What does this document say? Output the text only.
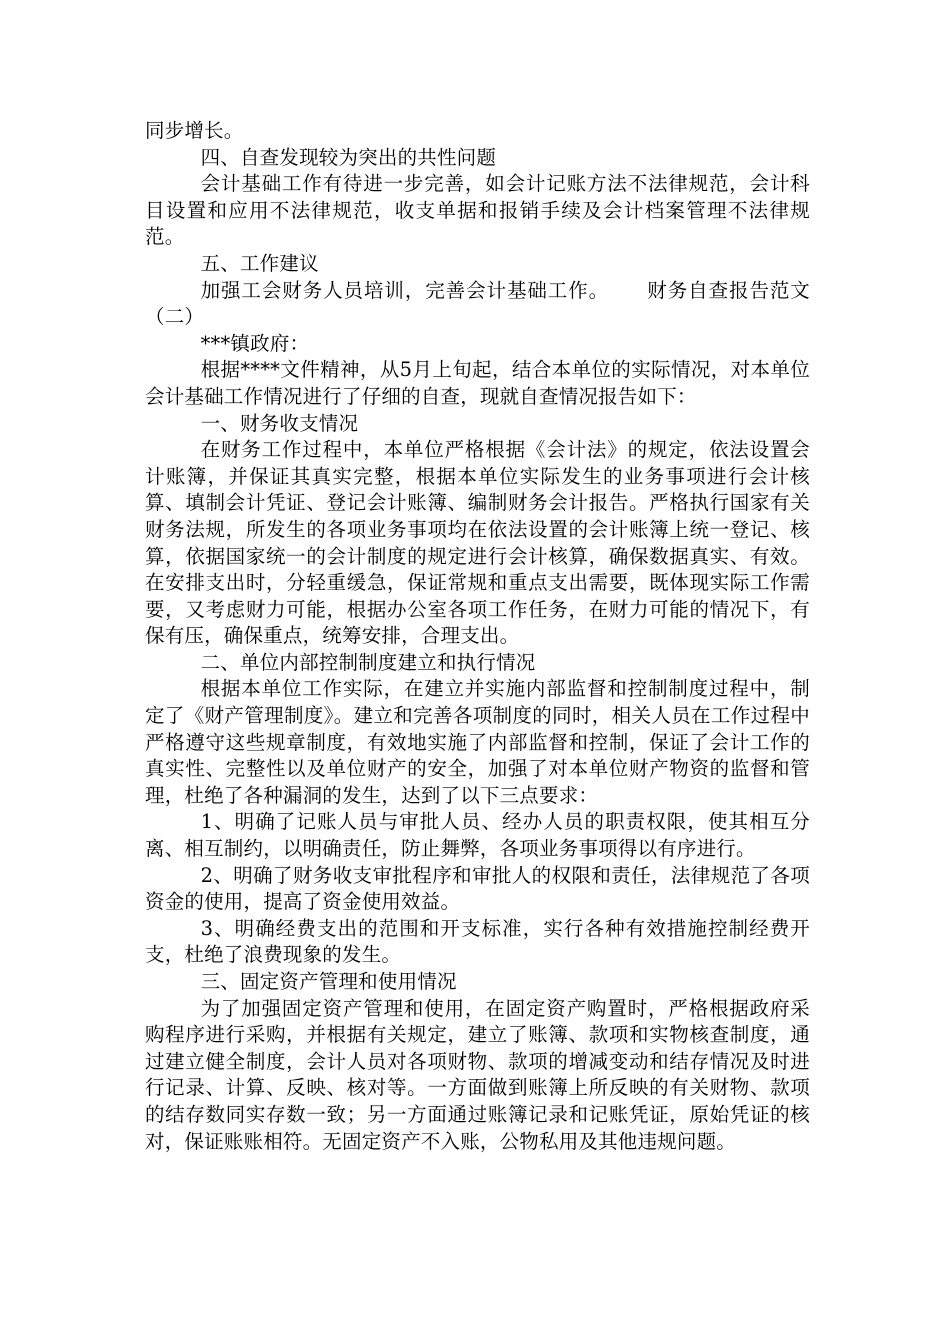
同步增长。

四、自查发现较为突出的共性问题

会计基础工作有待进一步完善，如会计记账方法不法律规范，会计科目设置和应用不法律规范，收支单据和报销手续及会计档案管理不法律规范。

五、工作建议

加强工会财务人员培训，完善会计基础工作。　　 财务自查报告范文（二）

***镇政府：

根据****文件精神，从5月上旬起，结合本单位的实际情况，对本单位会计基础工作情况进行了仔细的自查，现就自查情况报告如下：

一、财务收支情况

在财务工作过程中，本单位严格根据《会计法》的规定，依法设置会计账簿，并保证其真实完整，根据本单位实际发生的业务事项进行会计核算、填制会计凭证、登记会计账簿、编制财务会计报告。严格执行国家有关财务法规，所发生的各项业务事项均在依法设置的会计账簿上统一登记、核算，依据国家统一的会计制度的规定进行会计核算，确保数据真实、有效。在安排支出时，分轻重缓急，保证常规和重点支出需要，既体现实际工作需要，又考虑财力可能，根据办公室各项工作任务，在财力可能的情况下，有保有压，确保重点，统筹安排，合理支出。

二、单位内部控制制度建立和执行情况

根据本单位工作实际，在建立并实施内部监督和控制制度过程中，制定了《财产管理制度》。建立和完善各项制度的同时，相关人员在工作过程中严格遵守这些规章制度，有效地实施了内部监督和控制，保证了会计工作的真实性、完整性以及单位财产的安全，加强了对本单位财产物资的监督和管理，杜绝了各种漏洞的发生，达到了以下三点要求：

1、明确了记账人员与审批人员、经办人员的职责权限，使其相互分离、相互制约，以明确责任，防止舞弊，各项业务事项得以有序进行。

2、明确了财务收支审批程序和审批人的权限和责任，法律规范了各项资金的使用，提高了资金使用效益。

3、明确经费支出的范围和开支标准，实行各种有效措施控制经费开支，杜绝了浪费现象的发生。

三、固定资产管理和使用情况

为了加强固定资产管理和使用，在固定资产购置时，严格根据政府采购程序进行采购，并根据有关规定，建立了账簿、款项和实物核查制度，通过建立健全制度，会计人员对各项财物、款项的增减变动和结存情况及时进行记录、计算、反映、核对等。一方面做到账簿上所反映的有关财物、款项的结存数同实存数一致；另一方面通过账簿记录和记账凭证，原始凭证的核对，保证账账相符。无固定资产不入账，公物私用及其他违规问题。
